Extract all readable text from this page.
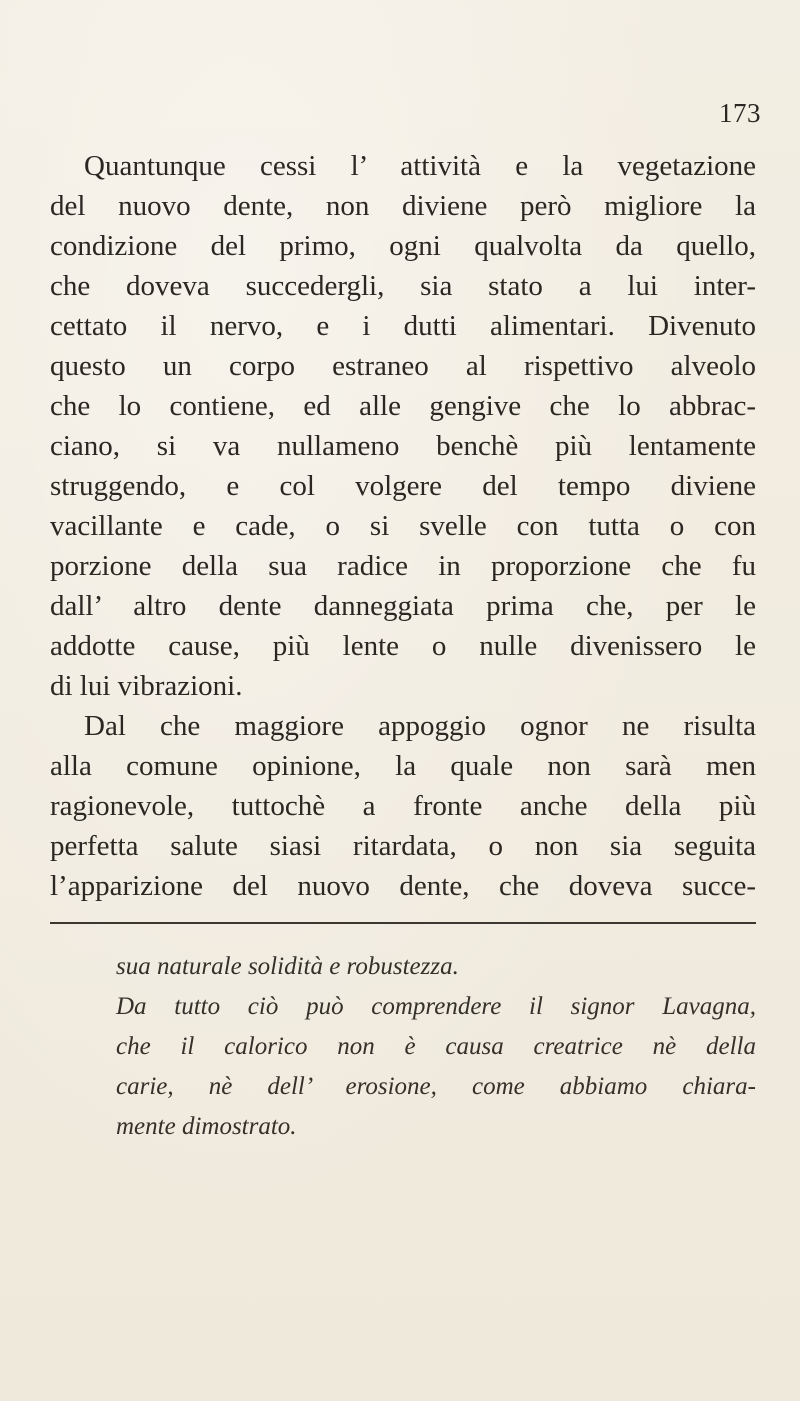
173
Quantunque cessi l’ attività e la vegetazione
del nuovo dente, non diviene però migliore la
condizione del primo, ogni qualvolta da quello,
che doveva succedergli, sia stato a lui inter-
cettato il nervo, e i dutti alimentari. Divenuto
questo un corpo estraneo al rispettivo alveolo
che lo contiene, ed alle gengive che lo abbrac-
ciano, si va nullameno benchè più lentamente
struggendo, e col volgere del tempo diviene
vacillante e cade, o si svelle con tutta o con
porzione della sua radice in proporzione che fu
dall’ altro dente danneggiata prima che, per le
addotte cause, più lente o nulle divenissero le
di lui vibrazioni.
Dal che maggiore appoggio ognor ne risulta
alla comune opinione, la quale non sarà men
ragionevole, tuttochè a fronte anche della più
perfetta salute siasi ritardata, o non sia seguita
l’apparizione del nuovo dente, che doveva succe-
sua naturale solidità e robustezza.
Da tutto ciò può comprendere il signor Lavagna,
che il calorico non è causa creatrice nè della
carie, nè dell’ erosione, come abbiamo chiara-
mente dimostrato.
